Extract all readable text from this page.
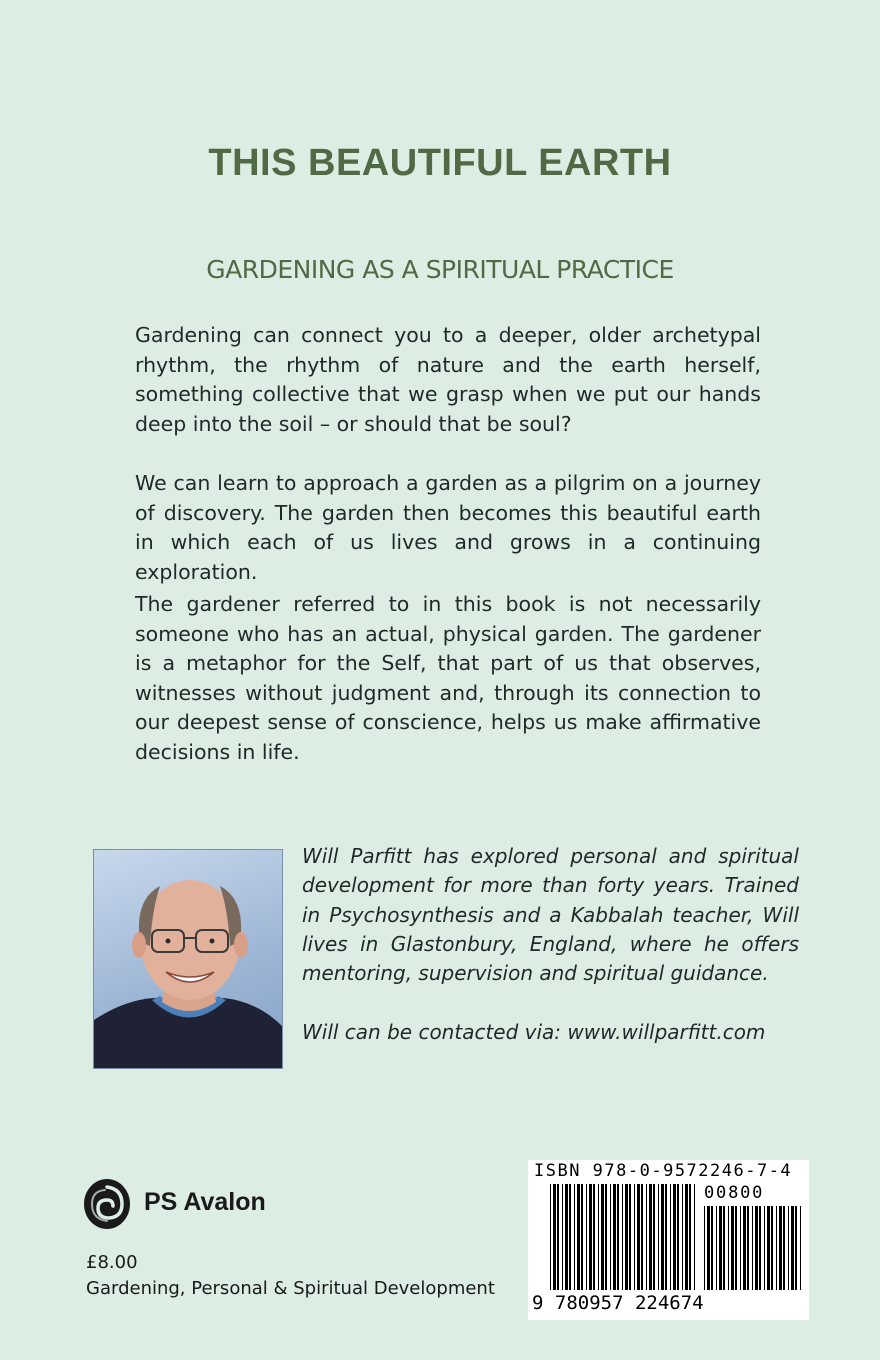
THIS BEAUTIFUL EARTH
GARDENING AS A SPIRITUAL PRACTICE
Gardening can connect you to a deeper, older archetypal rhythm, the rhythm of nature and the earth herself, something collective that we grasp when we put our hands deep into the soil – or should that be soul?
We can learn to approach a garden as a pilgrim on a journey of discovery. The garden then becomes this beautiful earth in which each of us lives and grows in a continuing exploration.
The gardener referred to in this book is not necessarily someone who has an actual, physical garden. The gardener is a metaphor for the Self, that part of us that observes, witnesses without judgment and, through its connection to our deepest sense of conscience, helps us make affirmative decisions in life.
Will Parfitt has explored personal and spiritual development for more than forty years. Trained in Psychosynthesis and a Kabbalah teacher, Will lives in Glastonbury, England, where he offers mentoring, supervision and spiritual guidance.
Will can be contacted via: www.willparfitt.com
PS Avalon
£8.00
Gardening, Personal & Spiritual Development
ISBN 978-0-9572246-7-4
00800
9 780957 224674
